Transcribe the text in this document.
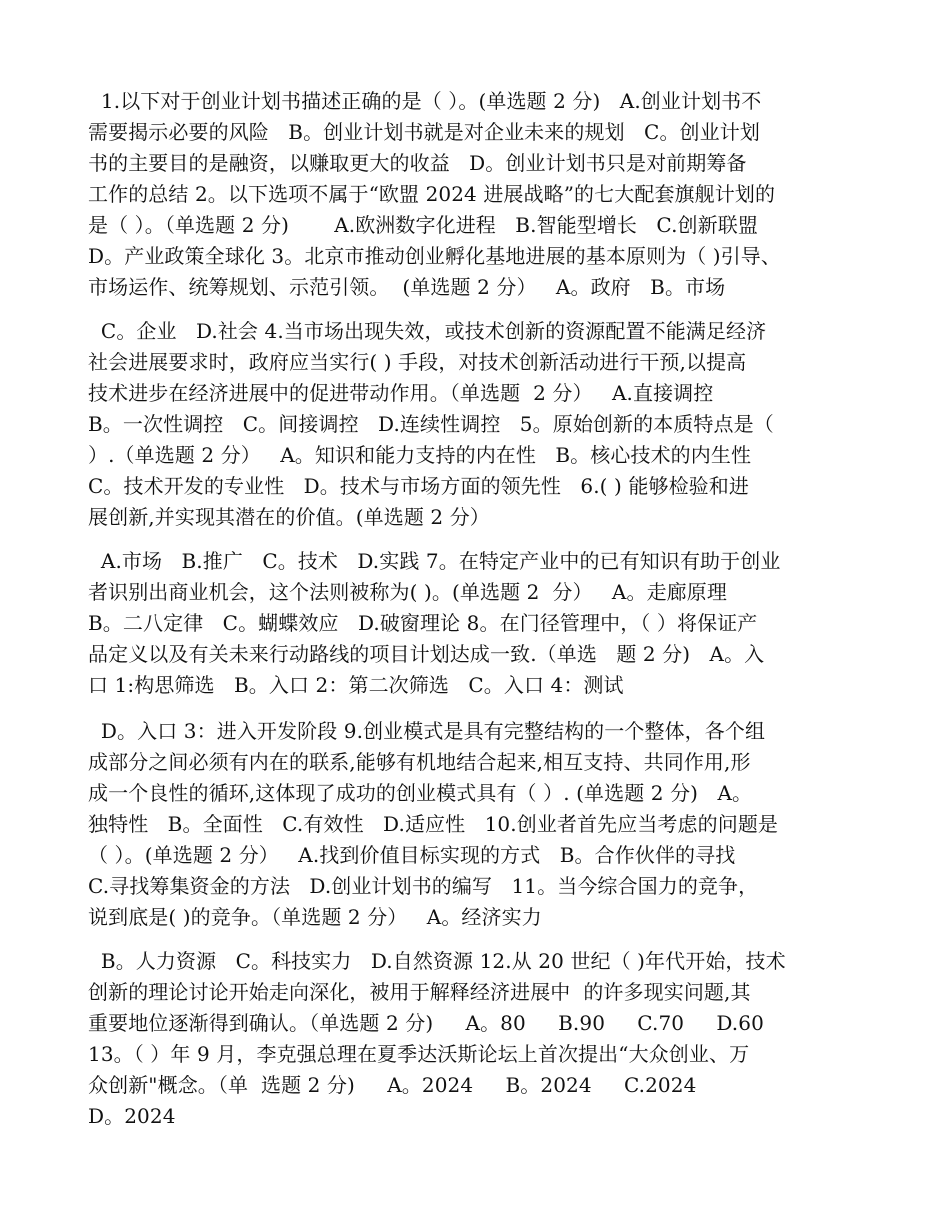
1.以下对于创业计划书描述正确的是（ ）。(单选题 2 分)   A.创业计划书不
需要揭示必要的风险   B。创业计划书就是对企业未来的规划   C。创业计划
书的主要目的是融资，以赚取更大的收益   D。创业计划书只是对前期筹备
工作的总结 2。以下选项不属于“欧盟 2024 进展战略”的七大配套旗舰计划的
是（ ）。（单选题 2 分)       A.欧洲数字化进程   B.智能型增长   C.创新联盟
D。产业政策全球化 3。北京市推动创业孵化基地进展的基本原则为（ )引导、
市场运作、统筹规划、示范引领。  (单选题 2 分）   A。政府   B。市场
C。企业   D.社会 4.当市场出现失效，或技术创新的资源配置不能满足经济
社会进展要求时，政府应当实行( ) 手段，对技术创新活动进行干预,以提高
技术进步在经济进展中的促进带动作用。（单选题  2 分）   A.直接调控
B。一次性调控   C。间接调控   D.连续性调控   5。原始创新的本质特点是（
）.（单选题 2 分）   A。知识和能力支持的内在性   B。核心技术的内生性
C。技术开发的专业性   D。技术与市场方面的领先性   6.( ) 能够检验和进
展创新,并实现其潜在的价值。(单选题 2 分）
A.市场   B.推广   C。技术   D.实践 7。在特定产业中的已有知识有助于创业
者识别出商业机会，这个法则被称为( )。(单选题 2  分）   A。走廊原理
B。二八定律   C。蝴蝶效应   D.破窗理论 8。在门径管理中，（ ）将保证产
品定义以及有关未来行动路线的项目计划达成一致.（单选   题 2 分)   A。入
口 1:构思筛选   B。入口 2：第二次筛选   C。入口 4：测试
D。入口 3：进入开发阶段 9.创业模式是具有完整结构的一个整体，各个组
成部分之间必须有内在的联系,能够有机地结合起来,相互支持、共同作用,形
成一个良性的循环,这体现了成功的创业模式具有（ ）. (单选题 2 分)   A。
独特性   B。全面性   C.有效性   D.适应性   10.创业者首先应当考虑的问题是
（ ）。(单选题 2 分）   A.找到价值目标实现的方式   B。合作伙伴的寻找
C.寻找筹集资金的方法   D.创业计划书的编写   11。当今综合国力的竞争，
说到底是( )的竞争。（单选题 2 分）   A。经济实力
B。人力资源   C。科技实力   D.自然资源 12.从 20 世纪（ )年代开始，技术
创新的理论讨论开始走向深化，被用于解释经济进展中  的许多现实问题,其
重要地位逐渐得到确认。（单选题 2 分)     A。80     B.90     C.70     D.60
13。（ ）年 9 月，李克强总理在夏季达沃斯论坛上首次提出“大众创业、万
众创新"概念。（单  选题 2 分)     A。2024     B。2024     C.2024
D。2024
